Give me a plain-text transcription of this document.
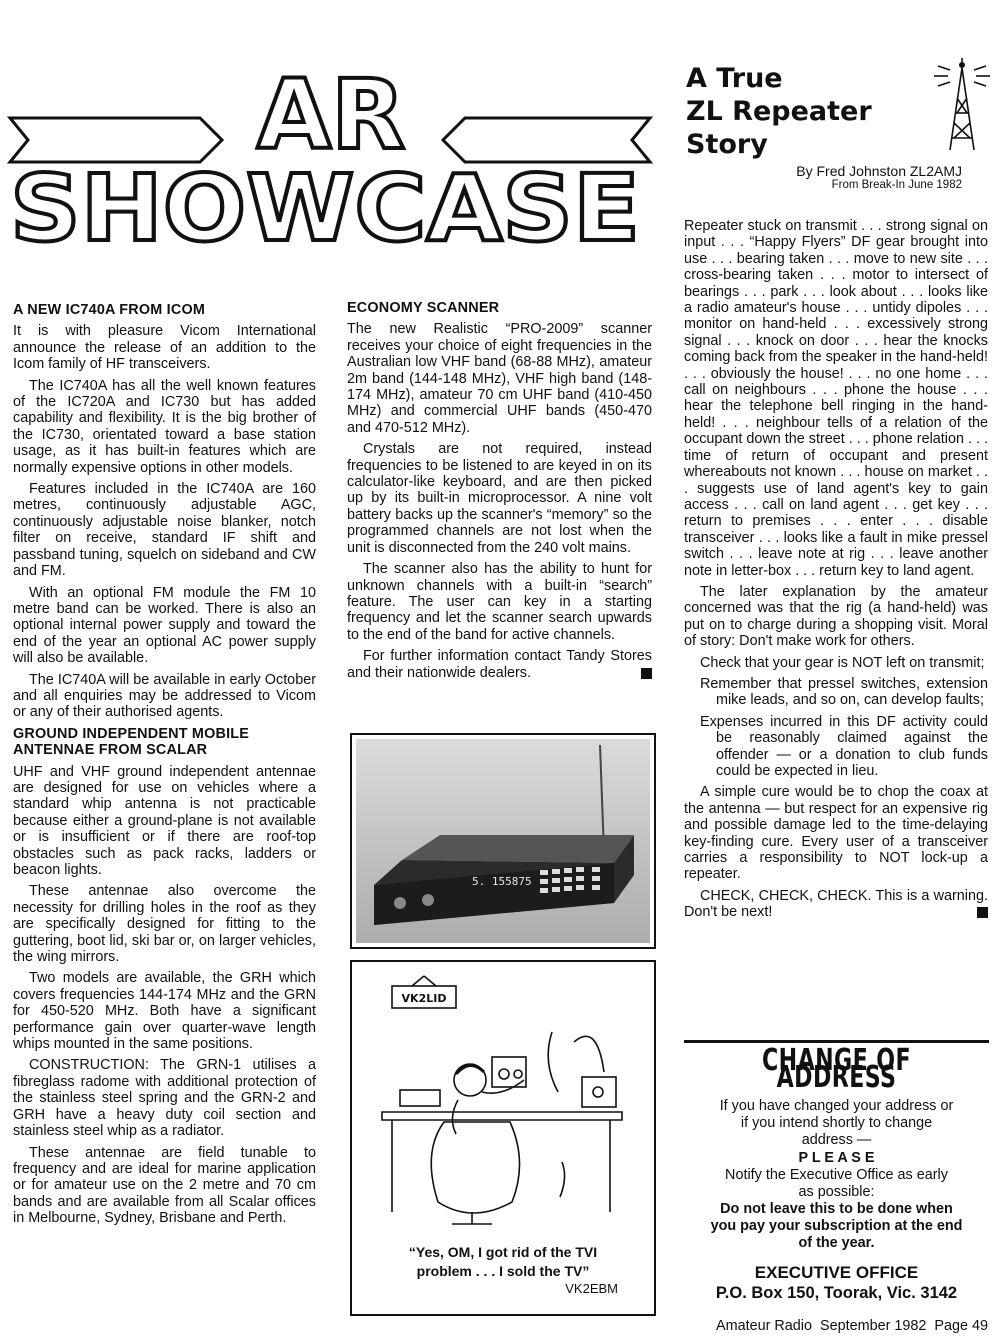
AR
SHOWCASE
A True
ZL Repeater
Story
By Fred Johnston ZL2AMJ
From Break-In June 1982
A NEW IC740A FROM ICOM

It is with pleasure Vicom International announce the release of an addition to the Icom family of HF transceivers.

The IC740A has all the well known features of the IC720A and IC730 but has added capability and flexibility. It is the big brother of the IC730, orientated toward a base station usage, as it has built-in features which are normally expensive options in other models.

Features included in the IC740A are 160 metres, continuously adjustable AGC, continuously adjustable noise blanker, notch filter on receive, standard IF shift and passband tuning, squelch on sideband and CW and FM.

With an optional FM module the FM 10 metre band can be worked. There is also an optional internal power supply and toward the end of the year an optional AC power supply will also be available.

The IC740A will be available in early October and all enquiries may be addressed to Vicom or any of their authorised agents.

GROUND INDEPENDENT MOBILE
ANTENNAE FROM SCALAR

UHF and VHF ground independent antennae are designed for use on vehicles where a standard whip antenna is not practicable because either a ground-plane is not available or is insufficient or if there are roof-top obstacles such as pack racks, ladders or beacon lights.

These antennae also overcome the necessity for drilling holes in the roof as they are specifically designed for fitting to the guttering, boot lid, ski bar or, on larger vehicles, the wing mirrors.

Two models are available, the GRH which covers frequencies 144-174 MHz and the GRN for 450-520 MHz. Both have a significant performance gain over quarter-wave length whips mounted in the same positions.

CONSTRUCTION: The GRN-1 utilises a fibreglass radome with additional protection of the stainless steel spring and the GRN-2 and GRH have a heavy duty coil section and stainless steel whip as a radiator.

These antennae are field tunable to frequency and are ideal for marine application or for amateur use on the 2 metre and 70 cm bands and are available from all Scalar offices in Melbourne, Sydney, Brisbane and Perth.

ECONOMY SCANNER

The new Realistic “PRO-2009” scanner receives your choice of eight frequencies in the Australian low VHF band (68-88 MHz), amateur 2m band (144-148 MHz), VHF high band (148-174 MHz), amateur 70 cm UHF band (410-450 MHz) and commercial UHF bands (450-470 and 470-512 MHz).

Crystals are not required, instead frequencies to be listened to are keyed in on its calculator-like keyboard, and are then picked up by its built-in microprocessor. A nine volt battery backs up the scanner's “memory” so the programmed channels are not lost when the unit is disconnected from the 240 volt mains.

The scanner also has the ability to hunt for unknown channels with a built-in “search” feature. The user can key in a starting frequency and let the scanner search upwards to the end of the band for active channels.

For further information contact Tandy Stores and their nationwide dealers.

5. 155875
VK2LID
“Yes, OM, I got rid of the TVI
problem . . . I sold the TV”
VK2EBM

Repeater stuck on transmit . . . strong signal on input . . . “Happy Flyers” DF gear brought into use . . . bearing taken . . . move to new site . . . cross-bearing taken . . . motor to intersect of bearings . . . park . . . look about . . . looks like a radio amateur's house . . . untidy dipoles . . . monitor on hand-held . . . excessively strong signal . . . knock on door . . . hear the knocks coming back from the speaker in the hand-held! . . . obviously the house! . . . no one home . . . call on neighbours . . . phone the house . . . hear the telephone bell ringing in the hand-held! . . . neighbour tells of a relation of the occupant down the street . . . phone relation . . . time of return of occupant and present whereabouts not known . . . house on market . . . suggests use of land agent's key to gain access . . . call on land agent . . . get key . . . return to premises . . . enter . . . disable transceiver . . . looks like a fault in mike pressel switch . . . leave note at rig . . . leave another note in letter-box . . . return key to land agent.

The later explanation by the amateur concerned was that the rig (a hand-held) was put on to charge during a shopping visit. Moral of story: Don't make work for others.

Check that your gear is NOT left on transmit;

Remember that pressel switches, extension mike leads, and so on, can develop faults;

Expenses incurred in this DF activity could be reasonably claimed against the offender — or a donation to club funds could be expected in lieu.

A simple cure would be to chop the coax at the antenna — but respect for an expensive rig and possible damage led to the time-delaying key-finding cure. Every user of a transceiver carries a responsibility to NOT lock-up a repeater.

CHECK, CHECK, CHECK. This is a warning. Don't be next!

CHANGE OF ADDRESS
If you have changed your address or
if you intend shortly to change
address —
P L E A S E
Notify the Executive Office as early
as possible:
Do not leave this to be done when
you pay your subscription at the end
of the year.
EXECUTIVE OFFICE
P.O. Box 150, Toorak, Vic. 3142
Amateur Radio  September 1982  Page 49
